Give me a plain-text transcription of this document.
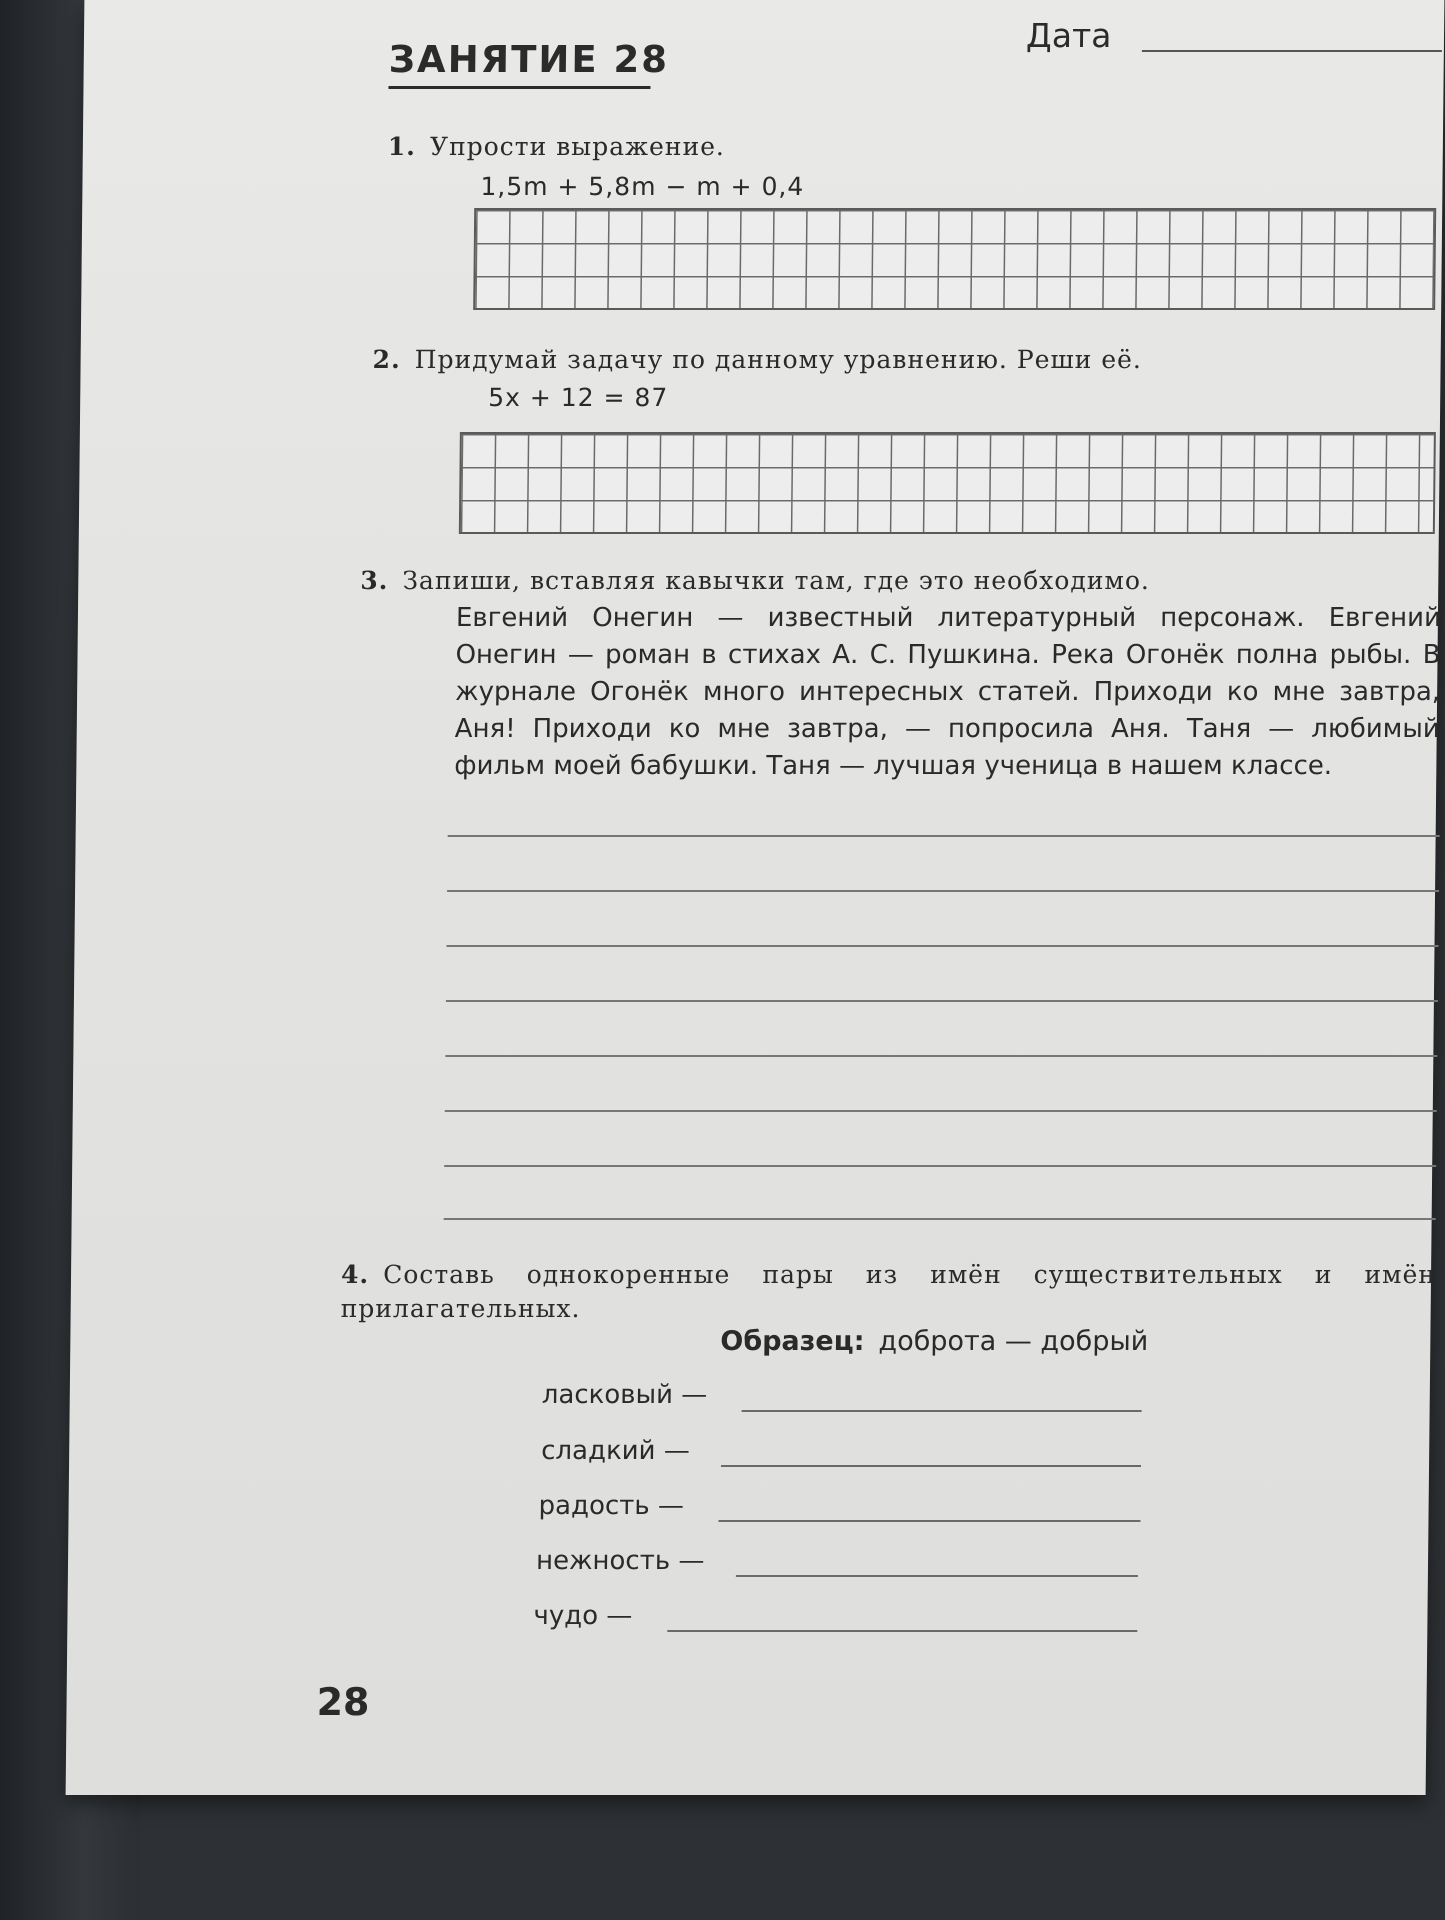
ЗАНЯТИЕ 28
Дата
1. Упрости выражение.
1,5m + 5,8m − m + 0,4
2. Придумай задачу по данному уравнению. Реши её.
5x + 12 = 87
3. Запиши, вставляя кавычки там, где это необходимо.
Евгений Онегин — известный литературный персонаж. Евгений Онегин — роман в стихах А. С. Пушкина. Река Огонёк полна рыбы. В журнале Огонёк много интересных статей. Приходи ко мне завтра, Аня! Приходи ко мне завтра, — попросила Аня. Таня — любимый фильм моей бабушки. Таня — лучшая ученица в нашем классе.
4. Составь однокоренные пары из имён существительных и имён прилагательных.
Образец: доброта — добрый
ласковый —
сладкий —
радость —
нежность —
чудо —
28
